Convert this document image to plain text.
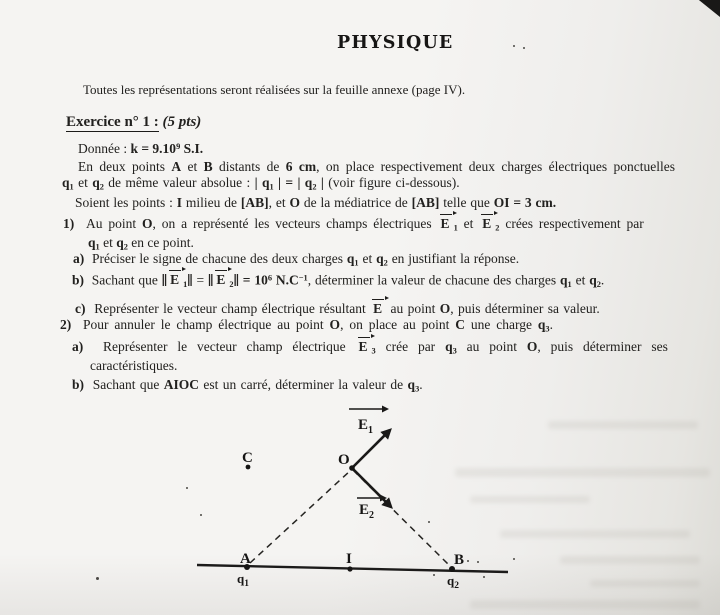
PHYSIQUE
Toutes les représentations seront réalisées sur la feuille annexe (page IV).
Exercice n° 1 : (5 pts)
Donnée : $k = 9.10^9$ S.I.
En deux points A et B distants de 6 cm, on place respectivement deux charges électriques ponctuelles
q1 et q2 de même valeur absolue : | q1 | = | q2 | (voir figure ci-dessous).
Soient les points : I milieu de [AB], et O de la médiatrice de [AB] telle que OI = 3 cm.
1)  Au point O, on a représenté les vecteurs champs électriques E 1 et E 2 crées respectivement par
q1 et q2 en ce point.
a)  Préciser le signe de chacune des deux charges q1 et q2 en justifiant la réponse.
b)  Sachant que ‖ E 1‖ = ‖ E 2‖ = $10^6$ $N.C^{-1}$, déterminer la valeur de chacune des charges q1 et q2.
c)  Représenter le vecteur champ électrique résultant E au point O, puis déterminer sa valeur.
2)  Pour annuler le champ électrique au point O, on place au point C une charge q3.
a)  Représenter le vecteur champ électrique E 3 crée par q3 au point O, puis déterminer ses
caractéristiques.
b)  Sachant que AIOC est un carré, déterminer la valeur de q3.
$E_1$
$E_2$
O
C
A	I	B
$q_1$	$q_2$
